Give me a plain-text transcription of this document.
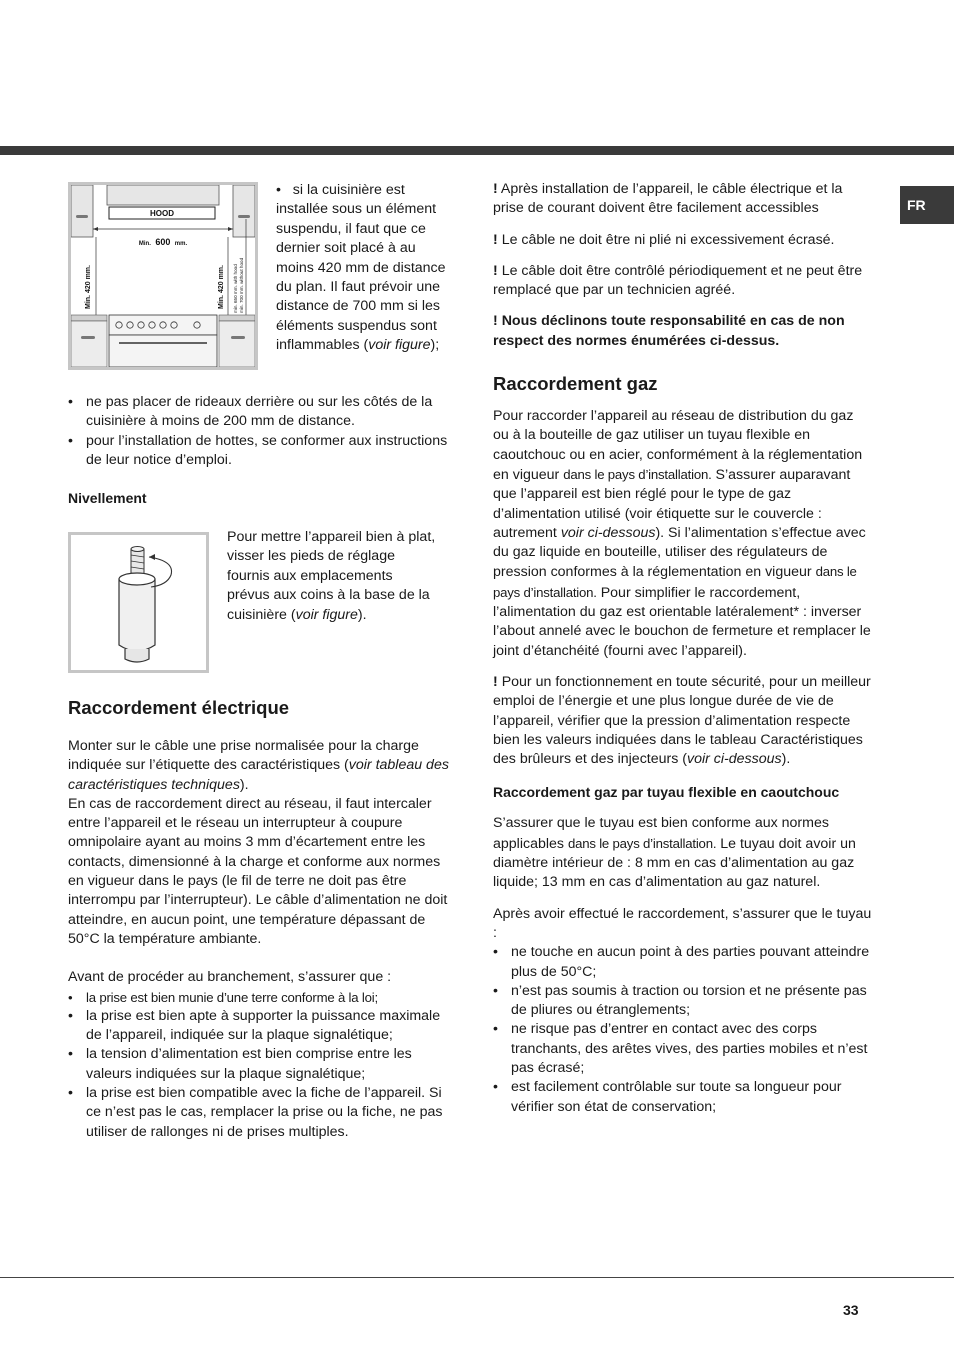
FR
HOOD
Min. 600 mm.
Min. 420 mm.	Min. 420 mm. min. 650 mm. with hood min. 700 mm. without hood
• si la cuisinière est installée sous un élément suspendu, il faut que ce dernier soit placé à au moins 420 mm de distance du plan. Il faut prévoir une distance de 700 mm si les éléments suspendus sont inflammables (voir figure);
• ne pas placer de rideaux derrière ou sur les côtés de la cuisinière à moins de 200 mm de distance.
• pour l’installation de hottes, se conformer aux instructions de leur notice d’emploi.
Nivellement
Pour mettre l’appareil bien à plat, visser les pieds de réglage fournis aux emplacements prévus aux coins à la base de la cuisinière (voir figure).
Raccordement électrique

Monter sur le câble une prise normalisée pour la charge indiquée sur l’étiquette des caractéristiques (voir tableau des caractéristiques techniques).

En cas de raccordement direct au réseau, il faut intercaler entre l’appareil et le réseau un interrupteur à coupure omnipolaire ayant au moins 3 mm d’écartement entre les contacts, dimensionné à la charge et conforme aux normes en vigueur dans le pays (le fil de terre ne doit pas être interrompu par l’interrupteur). Le câble d’alimentation ne doit atteindre, en aucun point, une température dépassant de 50°C la température ambiante.

Avant de procéder au branchement, s’assurer que :

• la prise est bien munie d’une terre conforme à la loi;
• la prise est bien apte à supporter la puissance maximale de l’appareil, indiquée sur la plaque signalétique;
• la tension d’alimentation est bien comprise entre les valeurs indiquées sur la plaque signalétique;
• la prise est bien compatible avec la fiche de l’appareil. Si ce n’est pas le cas, remplacer la prise ou la fiche, ne pas utiliser de rallonges ni de prises multiples.

! Après installation de l’appareil, le câble électrique et la prise de courant doivent être facilement accessibles

! Le câble ne doit être ni plié ni excessivement écrasé.

! Le câble doit être contrôlé périodiquement et ne peut être remplacé que par un technicien agréé.

! Nous déclinons toute responsabilité en cas de non respect des normes énumérées ci-dessus.

Raccordement gaz

Pour raccorder l’appareil au réseau de distribution du gaz ou à la bouteille de gaz utiliser un tuyau flexible en caoutchouc ou en acier, conformément à la réglementation en vigueur dans le pays d’installation. S’assurer auparavant que l’appareil est bien réglé pour le type de gaz d’alimentation utilisé (voir étiquette sur le couvercle : autrement voir ci-dessous). Si l’alimentation s’effectue avec du gaz liquide en bouteille, utiliser des régulateurs de pression conformes à la réglementation en vigueur dans le pays d’installation. Pour simplifier le raccordement, l’alimentation du gaz est orientable latéralement* : inverser l’about annelé avec le bouchon de fermeture et remplacer le joint d’étanchéité (fourni avec l’appareil).

! Pour un fonctionnement en toute sécurité, pour un meilleur emploi de l’énergie et une plus longue durée de vie de l’appareil, vérifier que la pression d’alimentation respecte bien les valeurs indiquées dans le tableau Caractéristiques des brûleurs et des injecteurs (voir ci-dessous).

Raccordement gaz par tuyau flexible en caoutchouc

S’assurer que le tuyau est bien conforme aux normes applicables dans le pays d’installation. Le tuyau doit avoir un diamètre intérieur de : 8 mm en cas d’alimentation au gaz liquide; 13 mm en cas d’alimentation au gaz naturel.

Après avoir effectué le raccordement, s’assurer que le tuyau :

• ne touche en aucun point à des parties pouvant atteindre plus de 50°C;
• n’est pas soumis à traction ou torsion et ne présente pas de pliures ou étranglements;
• ne risque pas d’entrer en contact avec des corps tranchants, des arêtes vives, des parties mobiles et n’est pas écrasé;
• est facilement contrôlable sur toute sa longueur pour vérifier son état de conservation;
33
